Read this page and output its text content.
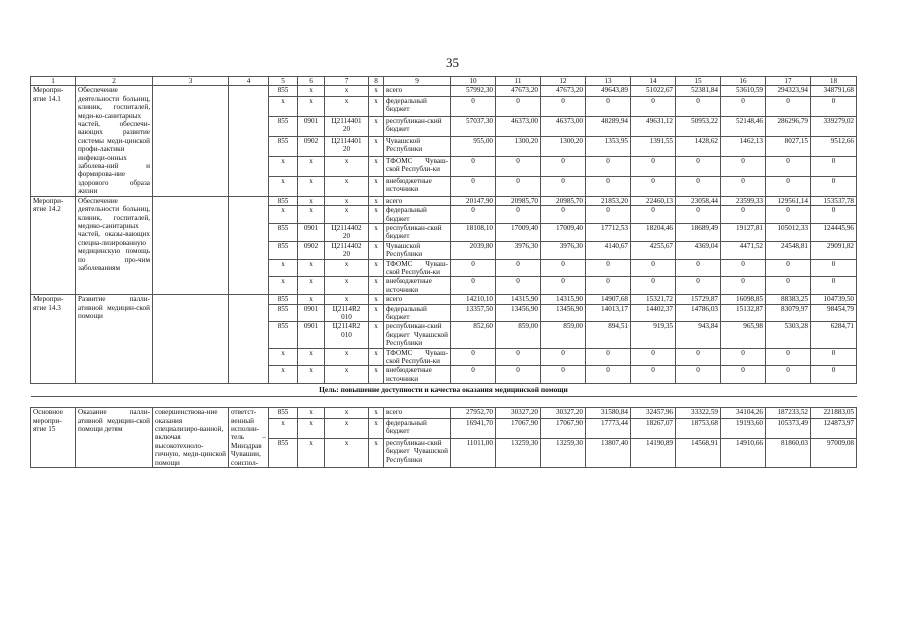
35
1	2	3	4	5	6	7	8	9	10	11	12	13	14	15	16	17	18
Меропри-ятие 14.1	Обеспечение деятельности больниц, клиник, госпиталей, меди-ко-санитарных частей, обеспечи-вающих развитие системы меди-цинской профи-лактики инфекци-онных заболева-ний и формирова-ние здорового образа жизни			855	x	x	x	всего	57992,30	47673,20	47673,20	49643,89	51022,67	52381,84	53610,59	294323,94	348791,68
				x	x	x	x	федеральный бюджет	0	0	0	0	0	0	0	0	0
				855	0901	Ц2114401 20	x	республикан-ский бюджет	57037,30	46373,00	46373,00	48289,94	49631,12	50953,22	52148,46	286296,79	339279,02
				855	0902	Ц2114401 20	x	Чувашской Республики	955,00	1300,20	1300,20	1353,95	1391,55	1428,62	1462,13	8027,15	9512,66
				x	x	x	x	ТФОМС Чуваш-ской Республи-ки	0	0	0	0	0	0	0	0	0
				x	x	x	x	внебюджетные источники	0	0	0	0	0	0	0	0	0
Меропри-ятие 14.2	Обеспечение деятельности больниц, клиник, госпиталей, медико-санитарных частей, оказы-вающих специа-лизированную медицинскую помощь по про-чим заболеваниям			855	x	x	x	всего	20147,90	20985,70	20985,70	21853,20	22460,13	23058,44	23599,33	129561,14	153537,78
				x	x	x	x	федеральный бюджет	0	0	0	0	0	0	0	0	0
				855	0901	Ц2114402 20	x	республикан-ский бюджет	18108,10	17009,40	17009,40	17712,53	18204,46	18689,49	19127,81	105012,33	124445,96
				855	0902	Ц2114402 20	x	Чувашской Республики	2039,80	3976,30	3976,30	4140,67	4255,67	4369,04	4471,52	24548,81	29091,82
				x	x	x	x	ТФОМС Чуваш-ской Республи-ки	0	0	0	0	0	0	0	0	0
				x	x	x	x	внебюджетные источники	0	0	0	0	0	0	0	0	0
Меропри-ятие 14.3	Развитие палли-ативной медицин-ской помощи			855	x	x	x	всего	14210,10	14315,90	14315,90	14907,68	15321,72	15729,87	16098,85	88383,25	104739,50
				855	0901	Ц2114R2 010	x	федеральный бюджет	13357,50	13456,90	13456,90	14013,17	14402,37	14786,03	15132,87	83079,97	98454,79
				855	0901	Ц2114R2 010	x	республикан-ский бюджет Чувашской Республики	852,60	859,00	859,00	894,51	919,35	943,84	965,98	5303,28	6284,71
				x	x	x	x	ТФОМС Чуваш-ской Республи-ки	0	0	0	0	0	0	0	0	0
				x	x	x	x	внебюджетные источники	0	0	0	0	0	0	0	0	0
Цель: повышение доступности и качества оказания медицинской помощи																	

Основное меропри-ятие 15	Оказание палли-ативной медицин-ской помощи детям	совершенствова-ние оказания специализиро-ванной, включая высокотехноло-гичную, меди-цинской помощи	ответст-венный исполни-тель – Минздрав Чувашии, соиспол-	855	x	x	x	всего	27952,70	30327,20	30327,20	31580,84	32457,96	33322,59	34104,26	187233,52	221883,05
				x	x	x	x	федеральный бюджет	16941,70	17067,90	17067,90	17773,44	18267,07	18753,68	19193,60	105373,49	124873,97
				855	x	x	x	республикан-ский бюджет Чувашской Республики	11011,00	13259,30	13259,30	13807,40	14190,89	14568,91	14910,66	81860,03	97009,08
